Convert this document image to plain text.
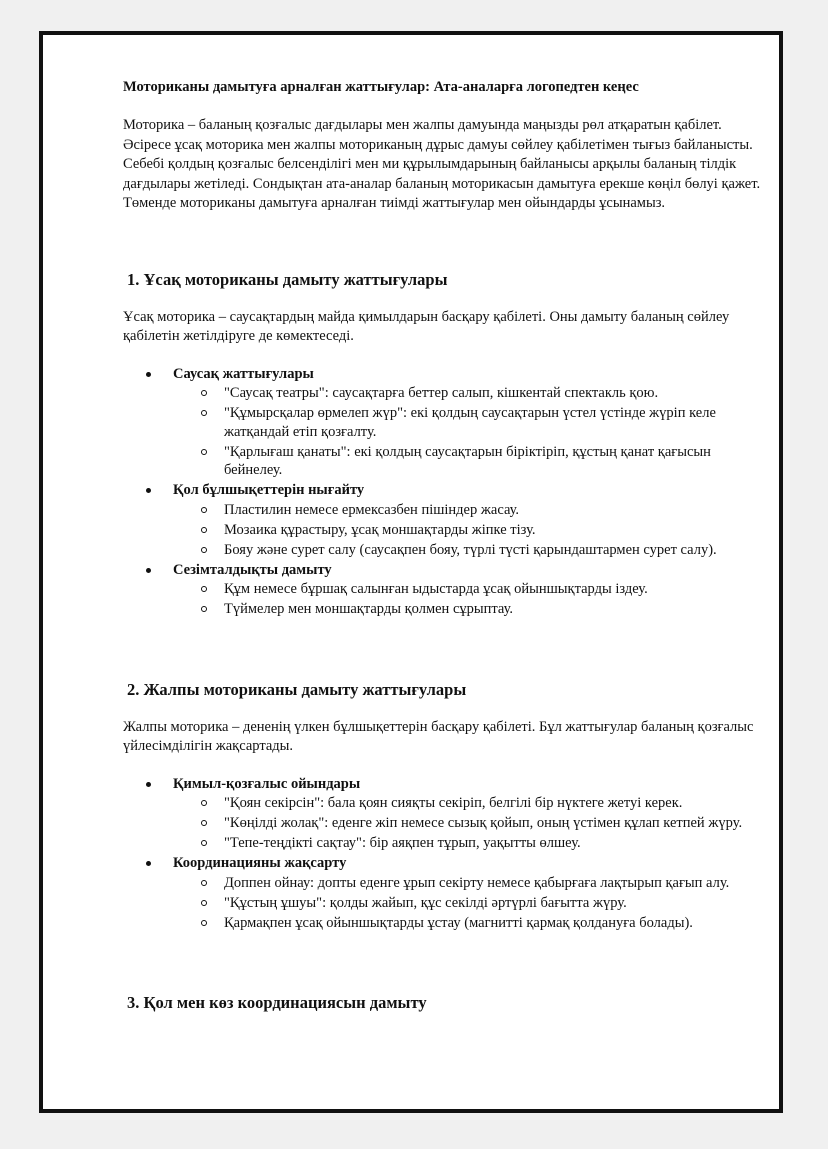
Моториканы дамытуға арналған жаттығулар: Ата-аналарға логопедтен кеңес

Моторика – баланың қозғалыс дағдылары мен жалпы дамуында маңызды рөл атқаратын қабілет. Әсіресе ұсақ моторика мен жалпы моториканың дұрыс дамуы сөйлеу қабілетімен тығыз байланысты. Себебі қолдың қозғалыс белсенділігі мен ми құрылымдарының байланысы арқылы баланың тілдік дағдылары жетіледі. Сондықтан ата-аналар баланың моторикасын дамытуға ерекше көңіл бөлуі қажет. Төменде моториканы дамытуға арналған тиімді жаттығулар мен ойындарды ұсынамыз.

1. Ұсақ моториканы дамыту жаттығулары

Ұсақ моторика – саусақтардың майда қимылдарын басқару қабілеті. Оны дамыту баланың сөйлеу қабілетін жетілдіруге де көмектеседі.

Саусақ жаттығулары
"Саусақ театры": саусақтарға беттер салып, кішкентай спектакль қою.
"Құмырсқалар өрмелеп жүр": екі қолдың саусақтарын үстел үстінде жүріп келе жатқандай етіп қозғалту.
"Қарлығаш қанаты": екі қолдың саусақтарын біріктіріп, құстың қанат қағысын бейнелеу.
Қол бұлшықеттерін нығайту
Пластилин немесе ермексазбен пішіндер жасау.
Мозаика құрастыру, ұсақ моншақтарды жіпке тізу.
Бояу және сурет салу (саусақпен бояу, түрлі түсті қарындаштармен сурет салу).
Сезімталдықты дамыту
Құм немесе бұршақ салынған ыдыстарда ұсақ ойыншықтарды іздеу.
Түймелер мен моншақтарды қолмен сұрыптау.
2. Жалпы моториканы дамыту жаттығулары

Жалпы моторика – дененің үлкен бұлшықеттерін басқару қабілеті. Бұл жаттығулар баланың қозғалыс үйлесімділігін жақсартады.

Қимыл-қозғалыс ойындары
"Қоян секірсін": бала қоян сияқты секіріп, белгілі бір нүктеге жетуі керек.
"Көңілді жолақ": еденге жіп немесе сызық қойып, оның үстімен құлап кетпей жүру.
"Тепе-теңдікті сақтау": бір аяқпен тұрып, уақытты өлшеу.
Координацияны жақсарту
Доппен ойнау: допты еденге ұрып секірту немесе қабырғаға лақтырып қағып алу.
"Құстың ұшуы": қолды жайып, құс секілді әртүрлі бағытта жүру.
Қармақпен ұсақ ойыншықтарды ұстау (магнитті қармақ қолдануға болады).
3. Қол мен көз координациясын дамыту
